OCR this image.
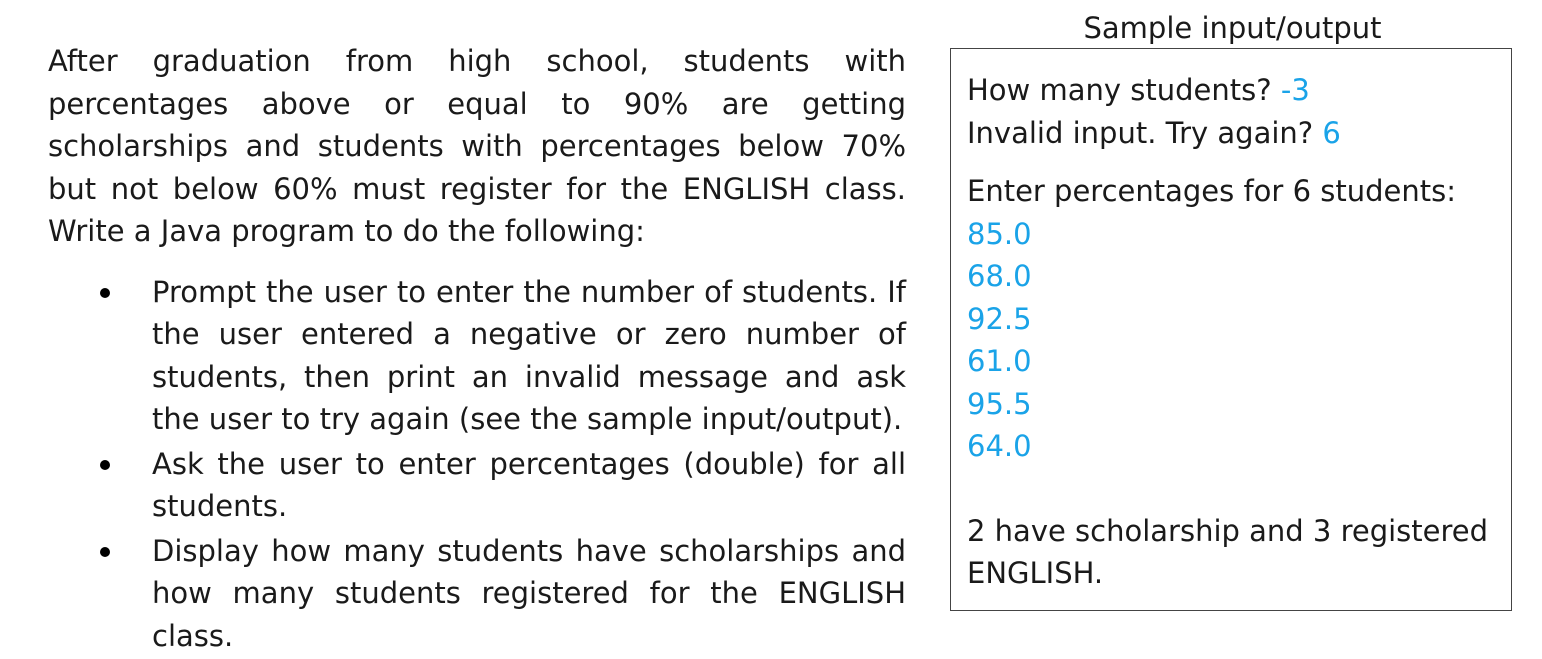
After graduation from high school, students with percentages above or equal to 90% are getting scholarships and students with percentages below 70% but not below 60% must register for the ENGLISH class. Write a Java program to do the following:

Prompt the user to enter the number of students. If the user entered a negative or zero number of students, then print an invalid message and ask the user to try again (see the sample input/output).
Ask the user to enter percentages (double) for all students.
Display how many students have scholarships and how many students registered for the ENGLISH class.
Sample input/output
How many students? -3
Invalid input. Try again? 6
Enter percentages for 6 students:
85.0
68.0
92.5
61.0
95.5
64.0
2 have scholarship and 3 registered ENGLISH.
